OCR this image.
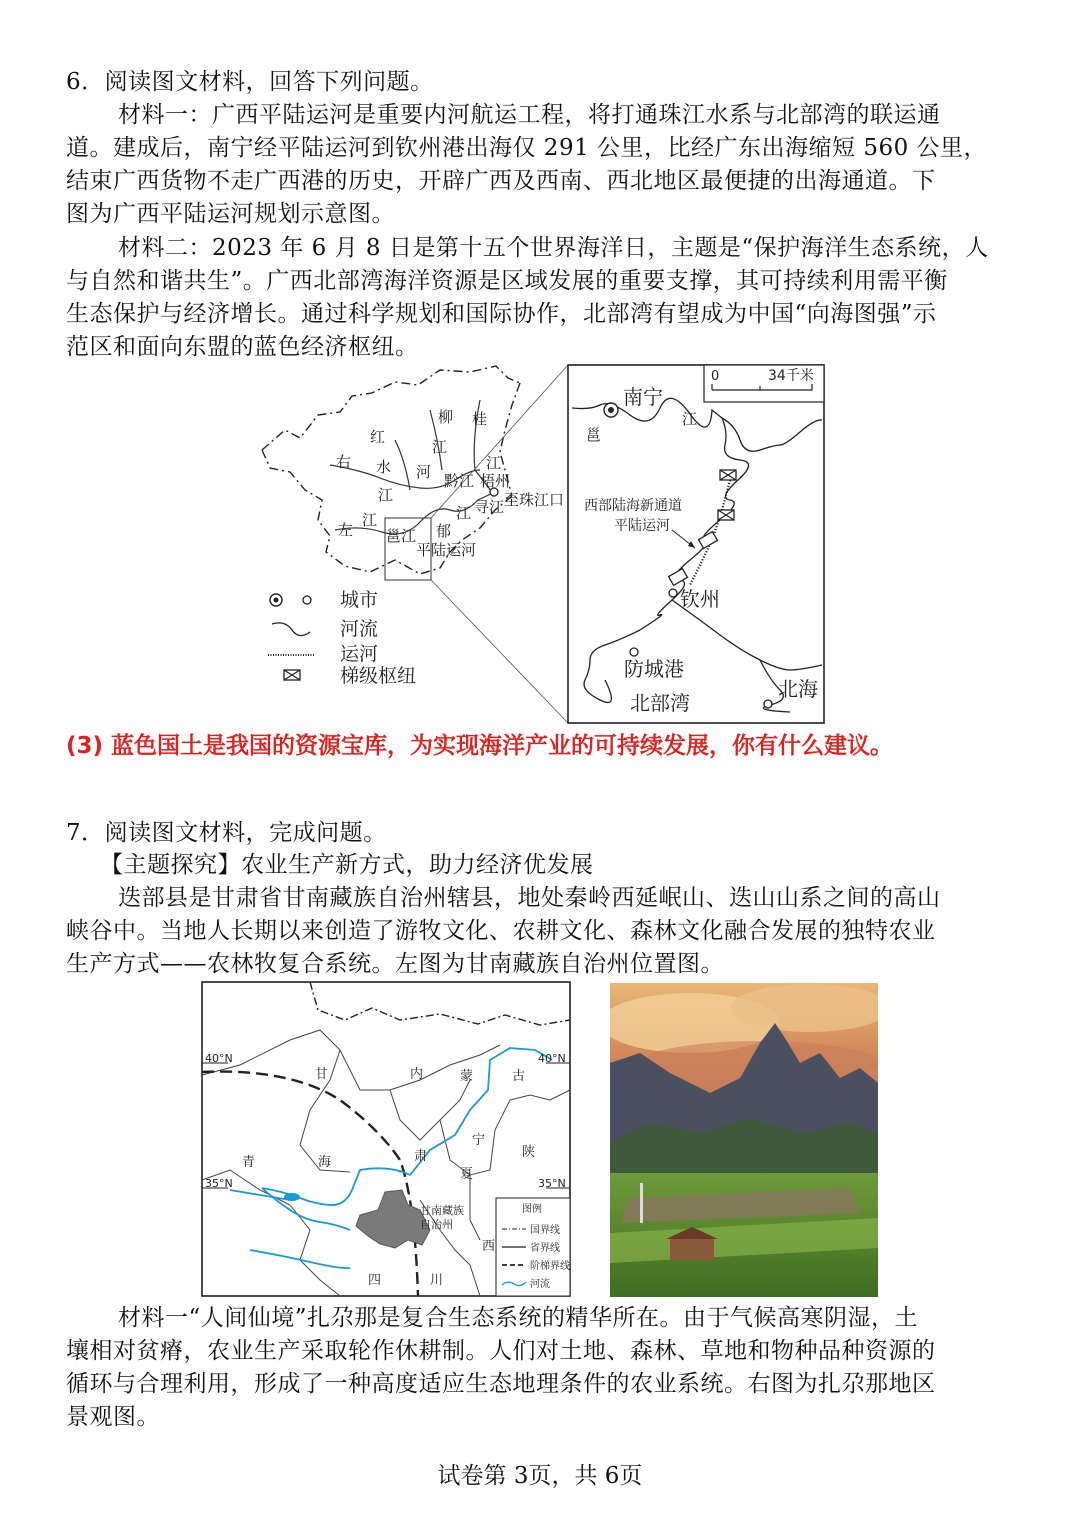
6．阅读图文材料，回答下列问题。
材料一：广西平陆运河是重要内河航运工程，将打通珠江水系与北部湾的联运通
道。建成后，南宁经平陆运河到钦州港出海仅 291 公里，比经广东出海缩短 560 公里，
结束广西货物不走广西港的历史，开辟广西及西南、西北地区最便捷的出海通道。下
图为广西平陆运河规划示意图。
材料二：2023 年 6 月 8 日是第十五个世界海洋日，主题是“保护海洋生态系统，人
与自然和谐共生”。广西北部湾海洋资源是区域发展的重要支撑，其可持续利用需平衡
生态保护与经济增长。通过科学规划和国际协作，北部湾有望成为中国“向海图强”示
范区和面向东盟的蓝色经济枢纽。
红
水 河
右
江
左
江
柳
江
桂
江
黔江 梧州
寻江 至珠江口
江
郁
邕江
平陆运河
城市
河流
运河
梯级枢纽
0	34千米
南宁
邕
江
西部陆海新通道
平陆运河
钦州
防城港
北海
北部湾
(3) 蓝色国土是我国的资源宝库，为实现海洋产业的可持续发展，你有什么建议。
7．阅读图文材料，完成问题。
【主题探究】农业生产新方式，助力经济优发展
迭部县是甘肃省甘南藏族自治州辖县，地处秦岭西延岷山、迭山山系之间的高山
峡谷中。当地人长期以来创造了游牧文化、农耕文化、森林文化融合发展的独特农业
生产方式——农林牧复合系统。左图为甘南藏族自治州位置图。
40°N	40°N
35°N	35°N
甘	内	蒙	古
青	海
宁
陕
肃
夏
西
四	川
甘南藏族
自治州
图例
国界线
省界线
阶梯界线
河流
材料一“人间仙境”扎尕那是复合生态系统的精华所在。由于气候高寒阴湿，土
壤相对贫瘠，农业生产采取轮作休耕制。人们对土地、森林、草地和物种品种资源的
循环与合理利用，形成了一种高度适应生态地理条件的农业系统。右图为扎尕那地区
景观图。
试卷第 3页，共 6页
